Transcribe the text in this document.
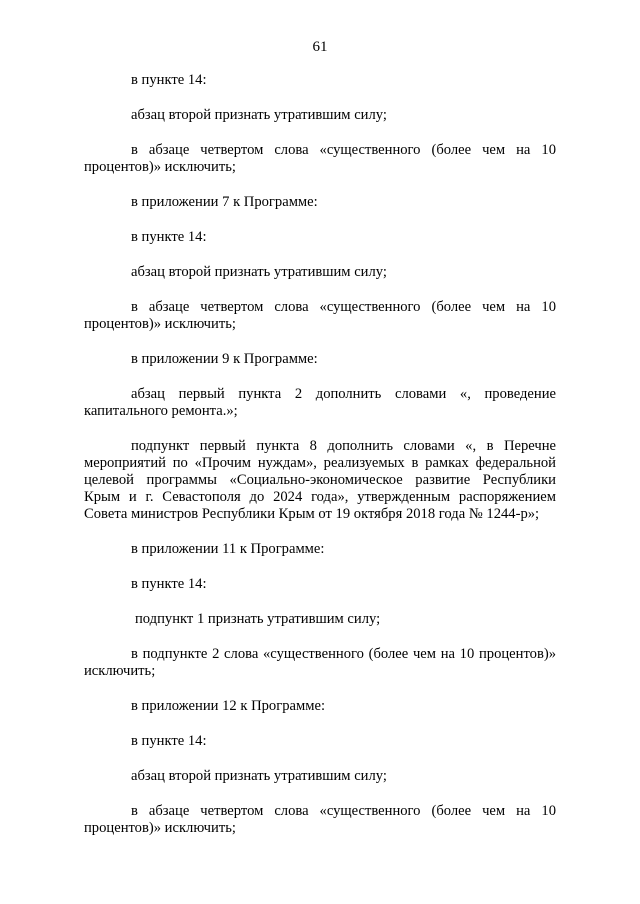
61

в пункте 14:

абзац второй признать утратившим силу;

в абзаце четвертом слова «существенного (более чем на 10 процентов)» исключить;

в приложении 7 к Программе:

в пункте 14:

абзац второй признать утратившим силу;

в абзаце четвертом слова «существенного (более чем на 10 процентов)» исключить;

в приложении 9 к Программе:

абзац первый пункта 2 дополнить словами «, проведение капитального ремонта.»;

подпункт первый пункта 8 дополнить словами «, в Перечне мероприятий по «Прочим нуждам», реализуемых в рамках федеральной целевой программы «Социально-экономическое развитие Республики Крым и г. Севастополя до 2024 года», утвержденным распоряжением Совета министров Республики Крым от 19 октября 2018 года № 1244-р»;

в приложении 11 к Программе:

в пункте 14:

подпункт 1 признать утратившим силу;

в подпункте 2 слова «существенного (более чем на 10 процентов)» исключить;

в приложении 12 к Программе:

в пункте 14:

абзац второй признать утратившим силу;

в абзаце четвертом слова «существенного (более чем на 10 процентов)» исключить;
